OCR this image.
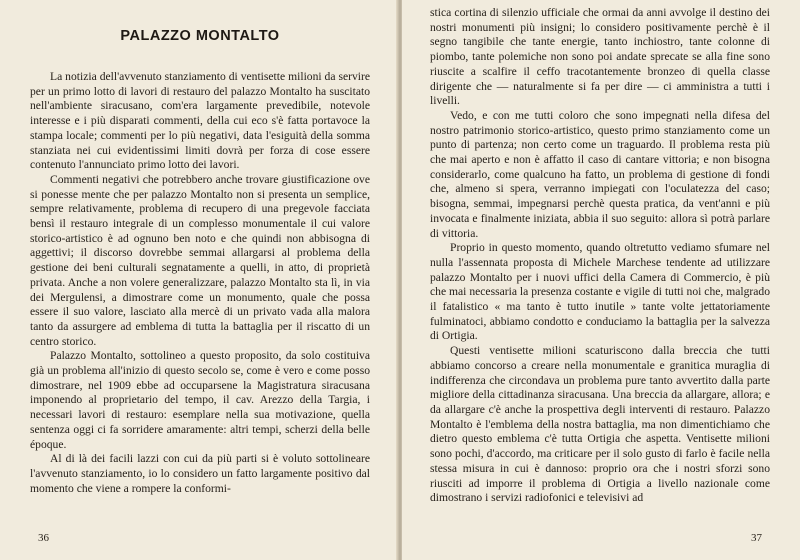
PALAZZO MONTALTO

La notizia dell'avvenuto stanziamento di ventisette milioni da servire per un primo lotto di lavori di restauro del palazzo Montalto ha suscitato nell'ambiente siracusano, com'era largamente prevedibile, notevole interesse e i più disparati commenti, della cui eco s'è fatta portavoce la stampa locale; commenti per lo più negativi, data l'esiguità della somma stanziata nei cui evidentissimi limiti dovrà per forza di cose essere contenuto l'annunciato primo lotto dei lavori.

Commenti negativi che potrebbero anche trovare giustificazione ove si ponesse mente che per palazzo Montalto non si presenta un semplice, sempre relativamente, problema di recupero di una pregevole facciata bensì il restauro integrale di un complesso monumentale il cui valore storico-artistico è ad ognuno ben noto e che quindi non abbisogna di aggettivi; il discorso dovrebbe semmai allargarsi al problema della gestione dei beni culturali segnatamente a quelli, in atto, di proprietà privata. Anche a non volere generalizzare, palazzo Montalto sta lì, in via dei Mergulensi, a dimostrare come un monumento, quale che possa essere il suo valore, lasciato alla mercè di un privato vada alla malora tanto da assurgere ad emblema di tutta la battaglia per il riscatto di un centro storico.

Palazzo Montalto, sottolineo a questo proposito, da solo costituiva già un problema all'inizio di questo secolo se, come è vero e come posso dimostrare, nel 1909 ebbe ad occuparsene la Magistratura siracusana imponendo al proprietario del tempo, il cav. Arezzo della Targia, i necessari lavori di restauro: esemplare nella sua motivazione, quella sentenza oggi ci fa sorridere amaramente: altri tempi, scherzi della belle époque.

Al di là dei facili lazzi con cui da più parti si è voluto sottolineare l'avvenuto stanziamento, io lo considero un fatto largamente positivo dal momento che viene a rompere la conformi-

36

stica cortina di silenzio ufficiale che ormai da anni avvolge il destino dei nostri monumenti più insigni; lo considero positivamente perchè è il segno tangibile che tante energie, tanto inchiostro, tante colonne di piombo, tante polemiche non sono poi andate sprecate se alla fine sono riuscite a scalfire il ceffo tracotantemente bronzeo di quella classe dirigente che — naturalmente si fa per dire — ci amministra a tutti i livelli.

Vedo, e con me tutti coloro che sono impegnati nella difesa del nostro patrimonio storico-artistico, questo primo stanziamento come un punto di partenza; non certo come un traguardo. Il problema resta più che mai aperto e non è affatto il caso di cantare vittoria; e non bisogna considerarlo, come qualcuno ha fatto, un problema di gestione di fondi che, almeno si spera, verranno impiegati con l'oculatezza del caso; bisogna, semmai, impegnarsi perchè questa pratica, da vent'anni e più invocata e finalmente iniziata, abbia il suo seguito: allora sì potrà parlare di vittoria.

Proprio in questo momento, quando oltretutto vediamo sfumare nel nulla l'assennata proposta di Michele Marchese tendente ad utilizzare palazzo Montalto per i nuovi uffici della Camera di Commercio, è più che mai necessaria la presenza costante e vigile di tutti noi che, malgrado il fatalistico « ma tanto è tutto inutile » tante volte jettatoriamente fulminatoci, abbiamo condotto e conduciamo la battaglia per la salvezza di Ortigia.

Questi ventisette milioni scaturiscono dalla breccia che tutti abbiamo concorso a creare nella monumentale e granitica muraglia di indifferenza che circondava un problema pure tanto avvertito dalla parte migliore della cittadinanza siracusana. Una breccia da allargare, allora; e da allargare c'è anche la prospettiva degli interventi di restauro. Palazzo Montalto è l'emblema della nostra battaglia, ma non dimentichiamo che dietro questo emblema c'è tutta Ortigia che aspetta. Ventisette milioni sono pochi, d'accordo, ma criticare per il solo gusto di farlo è facile nella stessa misura in cui è dannoso: proprio ora che i nostri sforzi sono riusciti ad imporre il problema di Ortigia a livello nazionale come dimostrano i servizi radiofonici e televisivi ad

37
